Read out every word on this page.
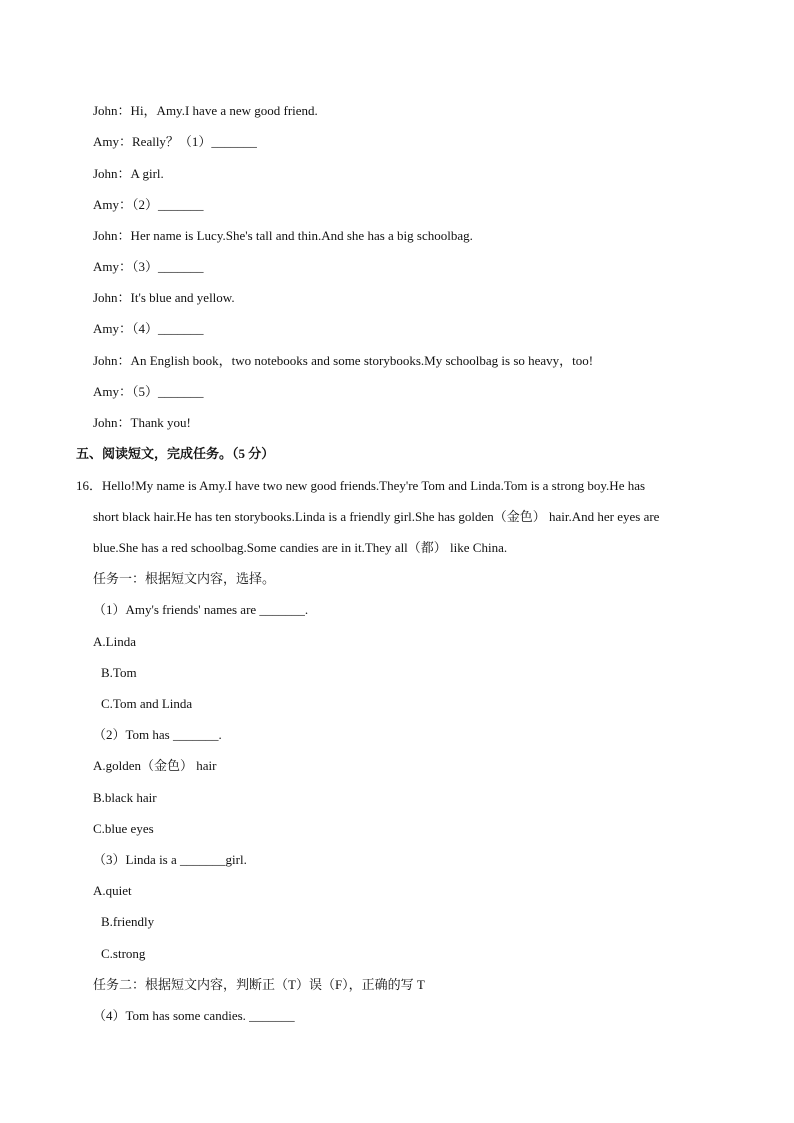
John：Hi，Amy.I have a new good friend.
Amy：Really？（1）_______
John：A girl.
Amy：（2）_______
John：Her name is Lucy.She's tall and thin.And she has a big schoolbag.
Amy：（3）_______
John：It's blue and yellow.
Amy：（4）_______
John：An English book，two notebooks and some storybooks.My schoolbag is so heavy，too!
Amy：（5）_______
John：Thank you!
五、阅读短文，完成任务。（5 分）
16．Hello!My name is Amy.I have two new good friends.They're Tom and Linda.Tom is a strong boy.He has
short black hair.He has ten storybooks.Linda is a friendly girl.She has golden（金色） hair.And her eyes are
blue.She has a red schoolbag.Some candies are in it.They all（都） like China.
任务一：根据短文内容，选择。
（1）Amy's friends' names are _______.
A.Linda
B.Tom
C.Tom and Linda
（2）Tom has _______.
A.golden（金色） hair
B.black hair
C.blue eyes
（3）Linda is a _______girl.
A.quiet
B.friendly
C.strong
任务二：根据短文内容，判断正（T）误（F），正确的写 T
（4）Tom has some candies. _______
